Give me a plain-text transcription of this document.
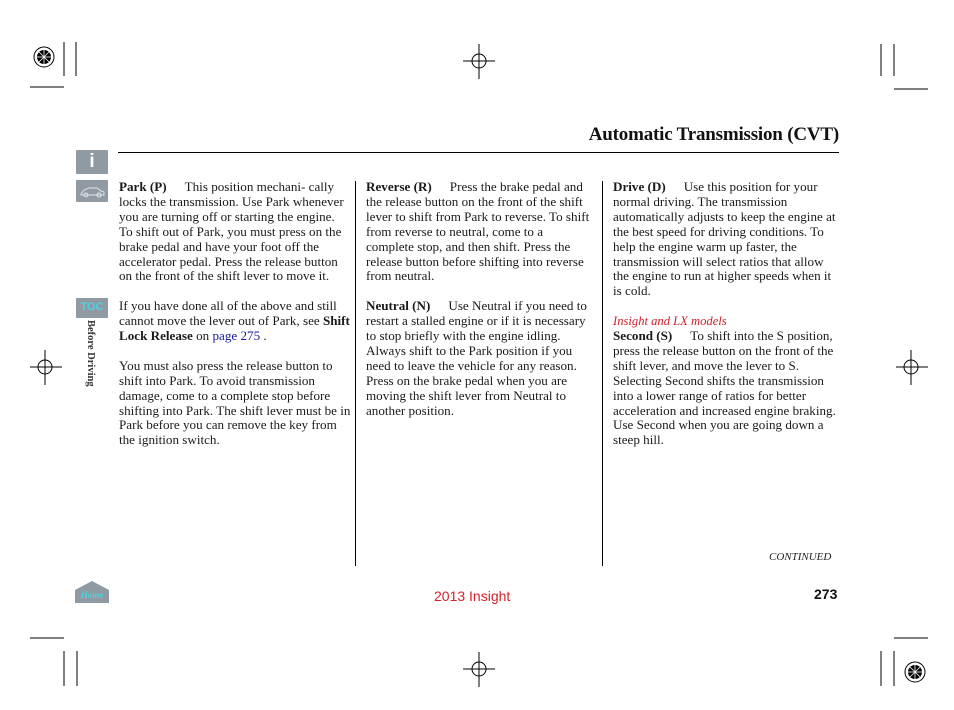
Automatic Transmission (CVT)
i
TOC
Before Driving
Home

Park (P) This position mechani- cally locks the transmission. Use Park whenever you are turning off or starting the engine. To shift out of Park, you must press on the brake pedal and have your foot off the accelerator pedal. Press the release button on the front of the shift lever to move it.

If you have done all of the above and still cannot move the lever out of Park, see Shift Lock Release on page 275 .

You must also press the release button to shift into Park. To avoid transmission damage, come to a complete stop before shifting into Park. The shift lever must be in Park before you can remove the key from the ignition switch.

Reverse (R) Press the brake pedal and the release button on the front of the shift lever to shift from Park to reverse. To shift from reverse to neutral, come to a complete stop, and then shift. Press the release button before shifting into reverse from neutral.

Neutral (N) Use Neutral if you need to restart a stalled engine or if it is necessary to stop briefly with the engine idling. Always shift to the Park position if you need to leave the vehicle for any reason. Press on the brake pedal when you are moving the shift lever from Neutral to another position.

Drive (D) Use this position for your normal driving. The transmission automatically adjusts to keep the engine at the best speed for driving conditions. To help the engine warm up faster, the transmission will select ratios that allow the engine to run at higher speeds when it is cold.

Insight and LX models
Second (S) To shift into the S position, press the release button on the front of the shift lever, and move the lever to S. Selecting Second shifts the transmission into a lower range of ratios for better acceleration and increased engine braking. Use Second when you are going down a steep hill.

CONTINUED
2013 Insight	273
